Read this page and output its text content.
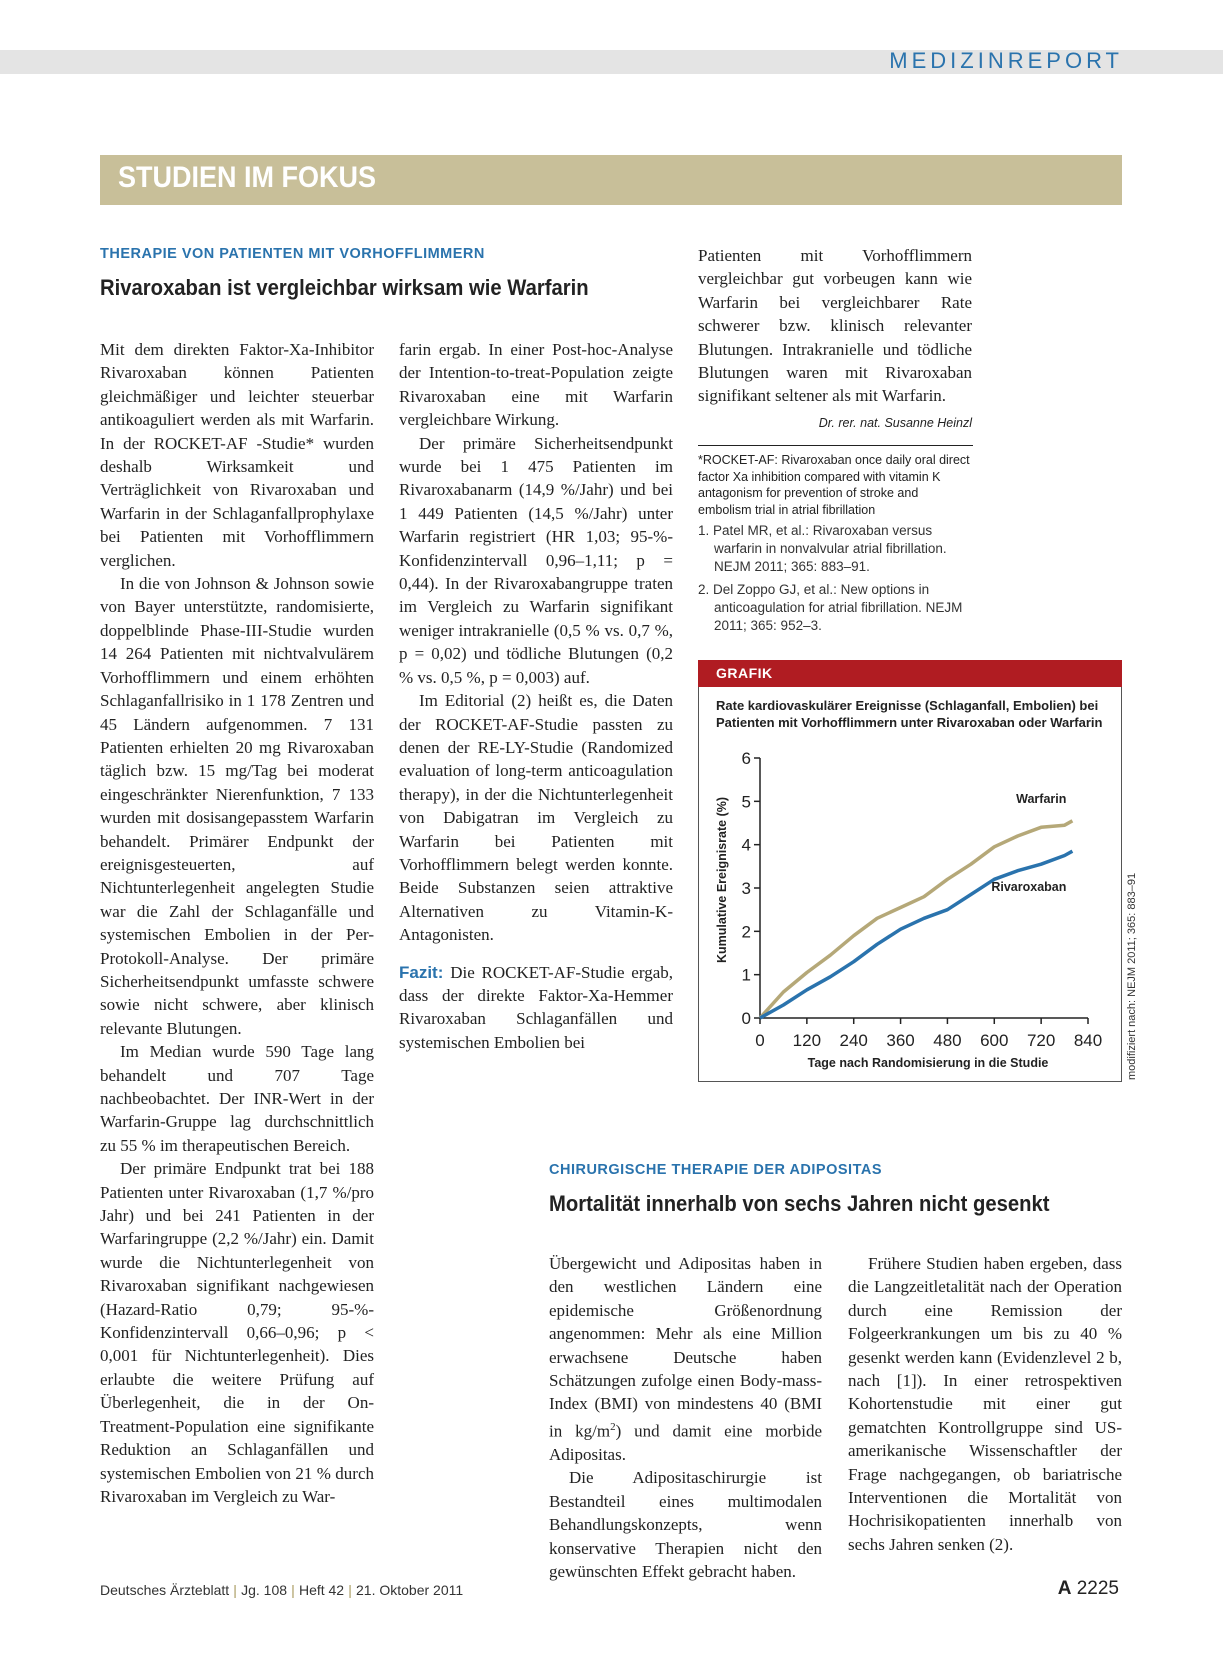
MEDIZINREPORT
STUDIEN IM FOKUS
THERAPIE VON PATIENTEN MIT VORHOFFLIMMERN
Rivaroxaban ist vergleichbar wirksam wie Warfarin

Mit dem direkten Faktor-Xa-Inhibitor Rivaroxaban können Patienten gleichmäßiger und leichter steuerbar antikoaguliert werden als mit Warfarin. In der ROCKET-AF -Studie* wurden deshalb Wirksamkeit und Verträglichkeit von Rivaroxaban und Warfarin in der Schlaganfallprophylaxe bei Patienten mit Vorhofflimmern verglichen.

In die von Johnson & Johnson sowie von Bayer unterstützte, randomisierte, doppelblinde Phase-III-Studie wurden 14 264 Patienten mit nichtvalvulärem Vorhofflimmern und einem erhöhten Schlaganfallrisiko in 1 178 Zentren und 45 Ländern aufgenommen. 7 131 Patienten erhielten 20 mg Rivaroxaban täglich bzw. 15 mg/Tag bei moderat eingeschränkter Nierenfunktion, 7 133 wurden mit dosisangepasstem Warfarin behandelt. Primärer Endpunkt der ereignisgesteuerten, auf Nichtunterlegenheit angelegten Studie war die Zahl der Schlaganfälle und systemischen Embolien in der Per-Protokoll-Analyse. Der primäre Sicherheitsendpunkt umfasste schwere sowie nicht schwere, aber klinisch relevante Blutungen.

Im Median wurde 590 Tage lang behandelt und 707 Tage nachbeobachtet. Der INR-Wert in der Warfarin-Gruppe lag durchschnittlich zu 55 % im therapeutischen Bereich.

Der primäre Endpunkt trat bei 188 Patienten unter Rivaroxaban (1,7 %/pro Jahr) und bei 241 Patienten in der Warfaringruppe (2,2 %/Jahr) ein. Damit wurde die Nichtunterlegenheit von Rivaroxaban signifikant nachgewiesen (Hazard-Ratio 0,79; 95-%-Konfidenzintervall 0,66–0,96; p < 0,001 für Nichtunterlegenheit). Dies erlaubte die weitere Prüfung auf Überlegenheit, die in der On-Treatment-Population eine signifikante Reduktion an Schlaganfällen und systemischen Embolien von 21 % durch Rivaroxaban im Vergleich zu War-

farin ergab. In einer Post-hoc-Analyse der Intention-to-treat-Population zeigte Rivaroxaban eine mit Warfarin vergleichbare Wirkung.

Der primäre Sicherheitsendpunkt wurde bei 1 475 Patienten im Rivaroxabanarm (14,9 %/Jahr) und bei 1 449 Patienten (14,5 %/Jahr) unter Warfarin registriert (HR 1,03; 95-%-Konfidenzintervall 0,96–1,11; p = 0,44). In der Rivaroxabangruppe traten im Vergleich zu Warfarin signifikant weniger intrakranielle (0,5 % vs. 0,7 %, p = 0,02) und tödliche Blutungen (0,2 % vs. 0,5 %, p = 0,003) auf.

Im Editorial (2) heißt es, die Daten der ROCKET-AF-Studie passten zu denen der RE-LY-Studie (Randomized evaluation of long-term anticoagulation therapy), in der die Nichtunterlegenheit von Dabigatran im Vergleich zu Warfarin bei Patienten mit Vorhofflimmern belegt werden konnte. Beide Substanzen seien attraktive Alternativen zu Vitamin-K-Antagonisten.

Fazit: Die ROCKET-AF-Studie ergab, dass der direkte Faktor-Xa-Hemmer Rivaroxaban Schlaganfällen und systemischen Embolien bei

Patienten mit Vorhofflimmern vergleichbar gut vorbeugen kann wie Warfarin bei vergleichbarer Rate schwerer bzw. klinisch relevanter Blutungen. Intrakranielle und tödliche Blutungen waren mit Rivaroxaban signifikant seltener als mit Warfarin.
Dr. rer. nat. Susanne Heinzl

*ROCKET-AF: Rivaroxaban once daily oral direct factor Xa inhibition compared with vitamin K antagonism for prevention of stroke and embolism trial in atrial fibrillation
1. Patel MR, et al.: Rivaroxaban versus warfarin in nonvalvular atrial fibrillation. NEJM 2011; 365: 883–91.
2. Del Zoppo GJ, et al.: New options in anticoagulation for atrial fibrillation. NEJM 2011; 365: 952–3.
GRAFIK
Rate kardiovaskulärer Ereignisse (Schlaganfall, Embolien) bei Patienten mit Vorhofflimmern unter Rivaroxaban oder Warfarin
0
1
2
3
4
5
6
0 120 240 360 480 600 720 840
Warfarin
Rivaroxaban
Kumulative Ereignisrate (%)
Tage nach Randomisierung in die Studie	modifiziert nach: NEJM 2011; 365: 883–91
CHIRURGISCHE THERAPIE DER ADIPOSITAS
Mortalität innerhalb von sechs Jahren nicht gesenkt

Übergewicht und Adipositas haben in den westlichen Ländern eine epidemische Größenordnung angenommen: Mehr als eine Million erwachsene Deutsche haben Schätzungen zufolge einen Body-mass-Index (BMI) von mindestens 40 (BMI in $kg/m^2$) und damit eine morbide Adipositas.

Die Adipositaschirurgie ist Bestandteil eines multimodalen Behandlungskonzepts, wenn konservative Therapien nicht den gewünschten Effekt gebracht haben.

Frühere Studien haben ergeben, dass die Langzeitletalität nach der Operation durch eine Remission der Folgeerkrankungen um bis zu 40 % gesenkt werden kann (Evidenzlevel 2 b, nach [1]). In einer retrospektiven Kohortenstudie mit einer gut gematchten Kontrollgruppe sind US-amerikanische Wissenschaftler der Frage nachgegangen, ob bariatrische Interventionen die Mortalität von Hochrisikopatienten innerhalb von sechs Jahren senken (2).

Deutsches Ärzteblatt | Jg. 108 | Heft 42 | 21. Oktober 2011	A 2225
